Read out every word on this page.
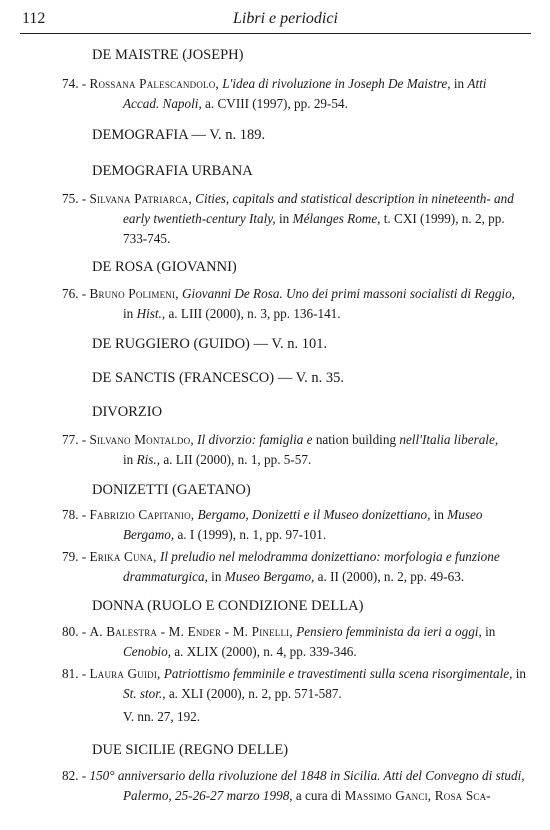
112	Libri e periodici
DE MAISTRE (JOSEPH)
74. - Rossana Palescandolo, L'idea di rivoluzione in Joseph De Maistre, in Atti
Accad. Napoli, a. CVIII (1997), pp. 29-54.
DEMOGRAFIA — V. n. 189.
DEMOGRAFIA URBANA
75. - Silvana Patriarca, Cities, capitals and statistical description in nineteenth- and
early twentieth-century Italy, in Mélanges Rome, t. CXI (1999), n. 2, pp.
733-745.
DE ROSA (GIOVANNI)
76. - Bruno Polimeni, Giovanni De Rosa. Uno dei primi massoni socialisti di Reggio,
in Hist., a. LIII (2000), n. 3, pp. 136-141.
DE RUGGIERO (GUIDO) — V. n. 101.
DE SANCTIS (FRANCESCO) — V. n. 35.
DIVORZIO
77. - Silvano Montaldo, Il divorzio: famiglia e nation building nell'Italia liberale,
in Ris., a. LII (2000), n. 1, pp. 5-57.
DONIZETTI (GAETANO)
78. - Fabrizio Capitanio, Bergamo, Donizetti e il Museo donizettiano, in Museo
Bergamo, a. I (1999), n. 1, pp. 97-101.
79. - Erika Cuna, Il preludio nel melodramma donizettiano: morfologia e funzione
drammaturgica, in Museo Bergamo, a. II (2000), n. 2, pp. 49-63.
DONNA (RUOLO E CONDIZIONE DELLA)
80. - A. Balestra - M. Ender - M. Pinelli, Pensiero femminista da ieri a oggi, in
Cenobio, a. XLIX (2000), n. 4, pp. 339-346.
81. - Laura Guidi, Patriottismo femminile e travestimenti sulla scena risorgimentale, in
St. stor., a. XLI (2000), n. 2, pp. 571-587.
V. nn. 27, 192.
DUE SICILIE (REGNO DELLE)
82. - 150° anniversario della rivoluzione del 1848 in Sicilia. Atti del Convegno di studi,
Palermo, 25-26-27 marzo 1998, a cura di Massimo Ganci, Rosa Sca-
